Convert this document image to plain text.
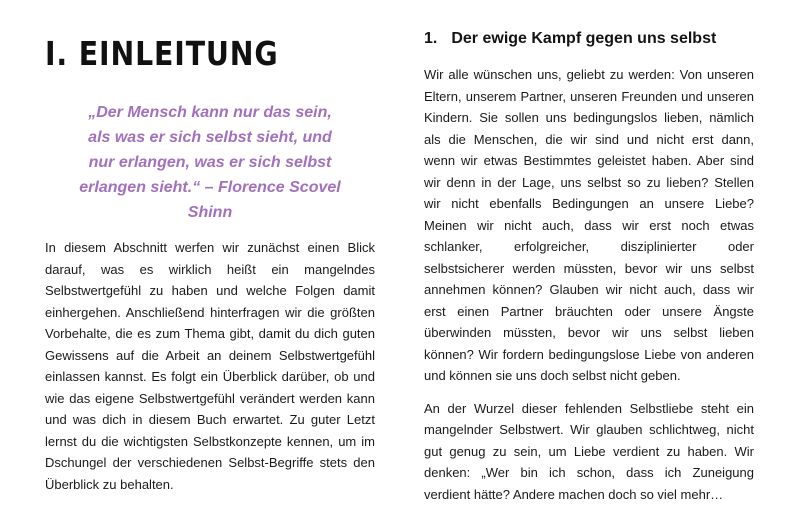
I. EINLEITUNG
„Der Mensch kann nur das sein,
als was er sich selbst sieht, und
nur erlangen, was er sich selbst
erlangen sieht.“ – Florence Scovel
Shinn

In diesem Abschnitt werfen wir zunächst einen Blick
darauf, was es wirklich heißt ein mangelndes
Selbstwertgefühl zu haben und welche Folgen damit
einhergehen. Anschließend hinterfragen wir die größten
Vorbehalte, die es zum Thema gibt, damit du dich guten
Gewissens auf die Arbeit an deinem Selbstwertgefühl
einlassen kannst. Es folgt ein Überblick darüber, ob und
wie das eigene Selbstwertgefühl verändert werden kann
und was dich in diesem Buch erwartet. Zu guter Letzt
lernst du die wichtigsten Selbstkonzepte kennen, um im
Dschungel der verschiedenen Selbst-Begriffe stets den
Überblick zu behalten.

1. Der ewige Kampf gegen uns selbst

Wir alle wünschen uns, geliebt zu werden: Von unseren
Eltern, unserem Partner, unseren Freunden und unseren
Kindern. Sie sollen uns bedingungslos lieben, nämlich
als die Menschen, die wir sind und nicht erst dann,
wenn wir etwas Bestimmtes geleistet haben. Aber sind
wir denn in der Lage, uns selbst so zu lieben? Stellen
wir nicht ebenfalls Bedingungen an unsere Liebe?
Meinen wir nicht auch, dass wir erst noch etwas
schlanker, erfolgreicher, disziplinierter oder
selbstsicherer werden müssten, bevor wir uns selbst
annehmen können? Glauben wir nicht auch, dass wir
erst einen Partner bräuchten oder unsere Ängste
überwinden müssten, bevor wir uns selbst lieben
können? Wir fordern bedingungslose Liebe von anderen
und können sie uns doch selbst nicht geben.

An der Wurzel dieser fehlenden Selbstliebe steht ein
mangelnder Selbstwert. Wir glauben schlichtweg, nicht
gut genug zu sein, um Liebe verdient zu haben. Wir
denken: „Wer bin ich schon, dass ich Zuneigung
verdient hätte? Andere machen doch so viel mehr…
